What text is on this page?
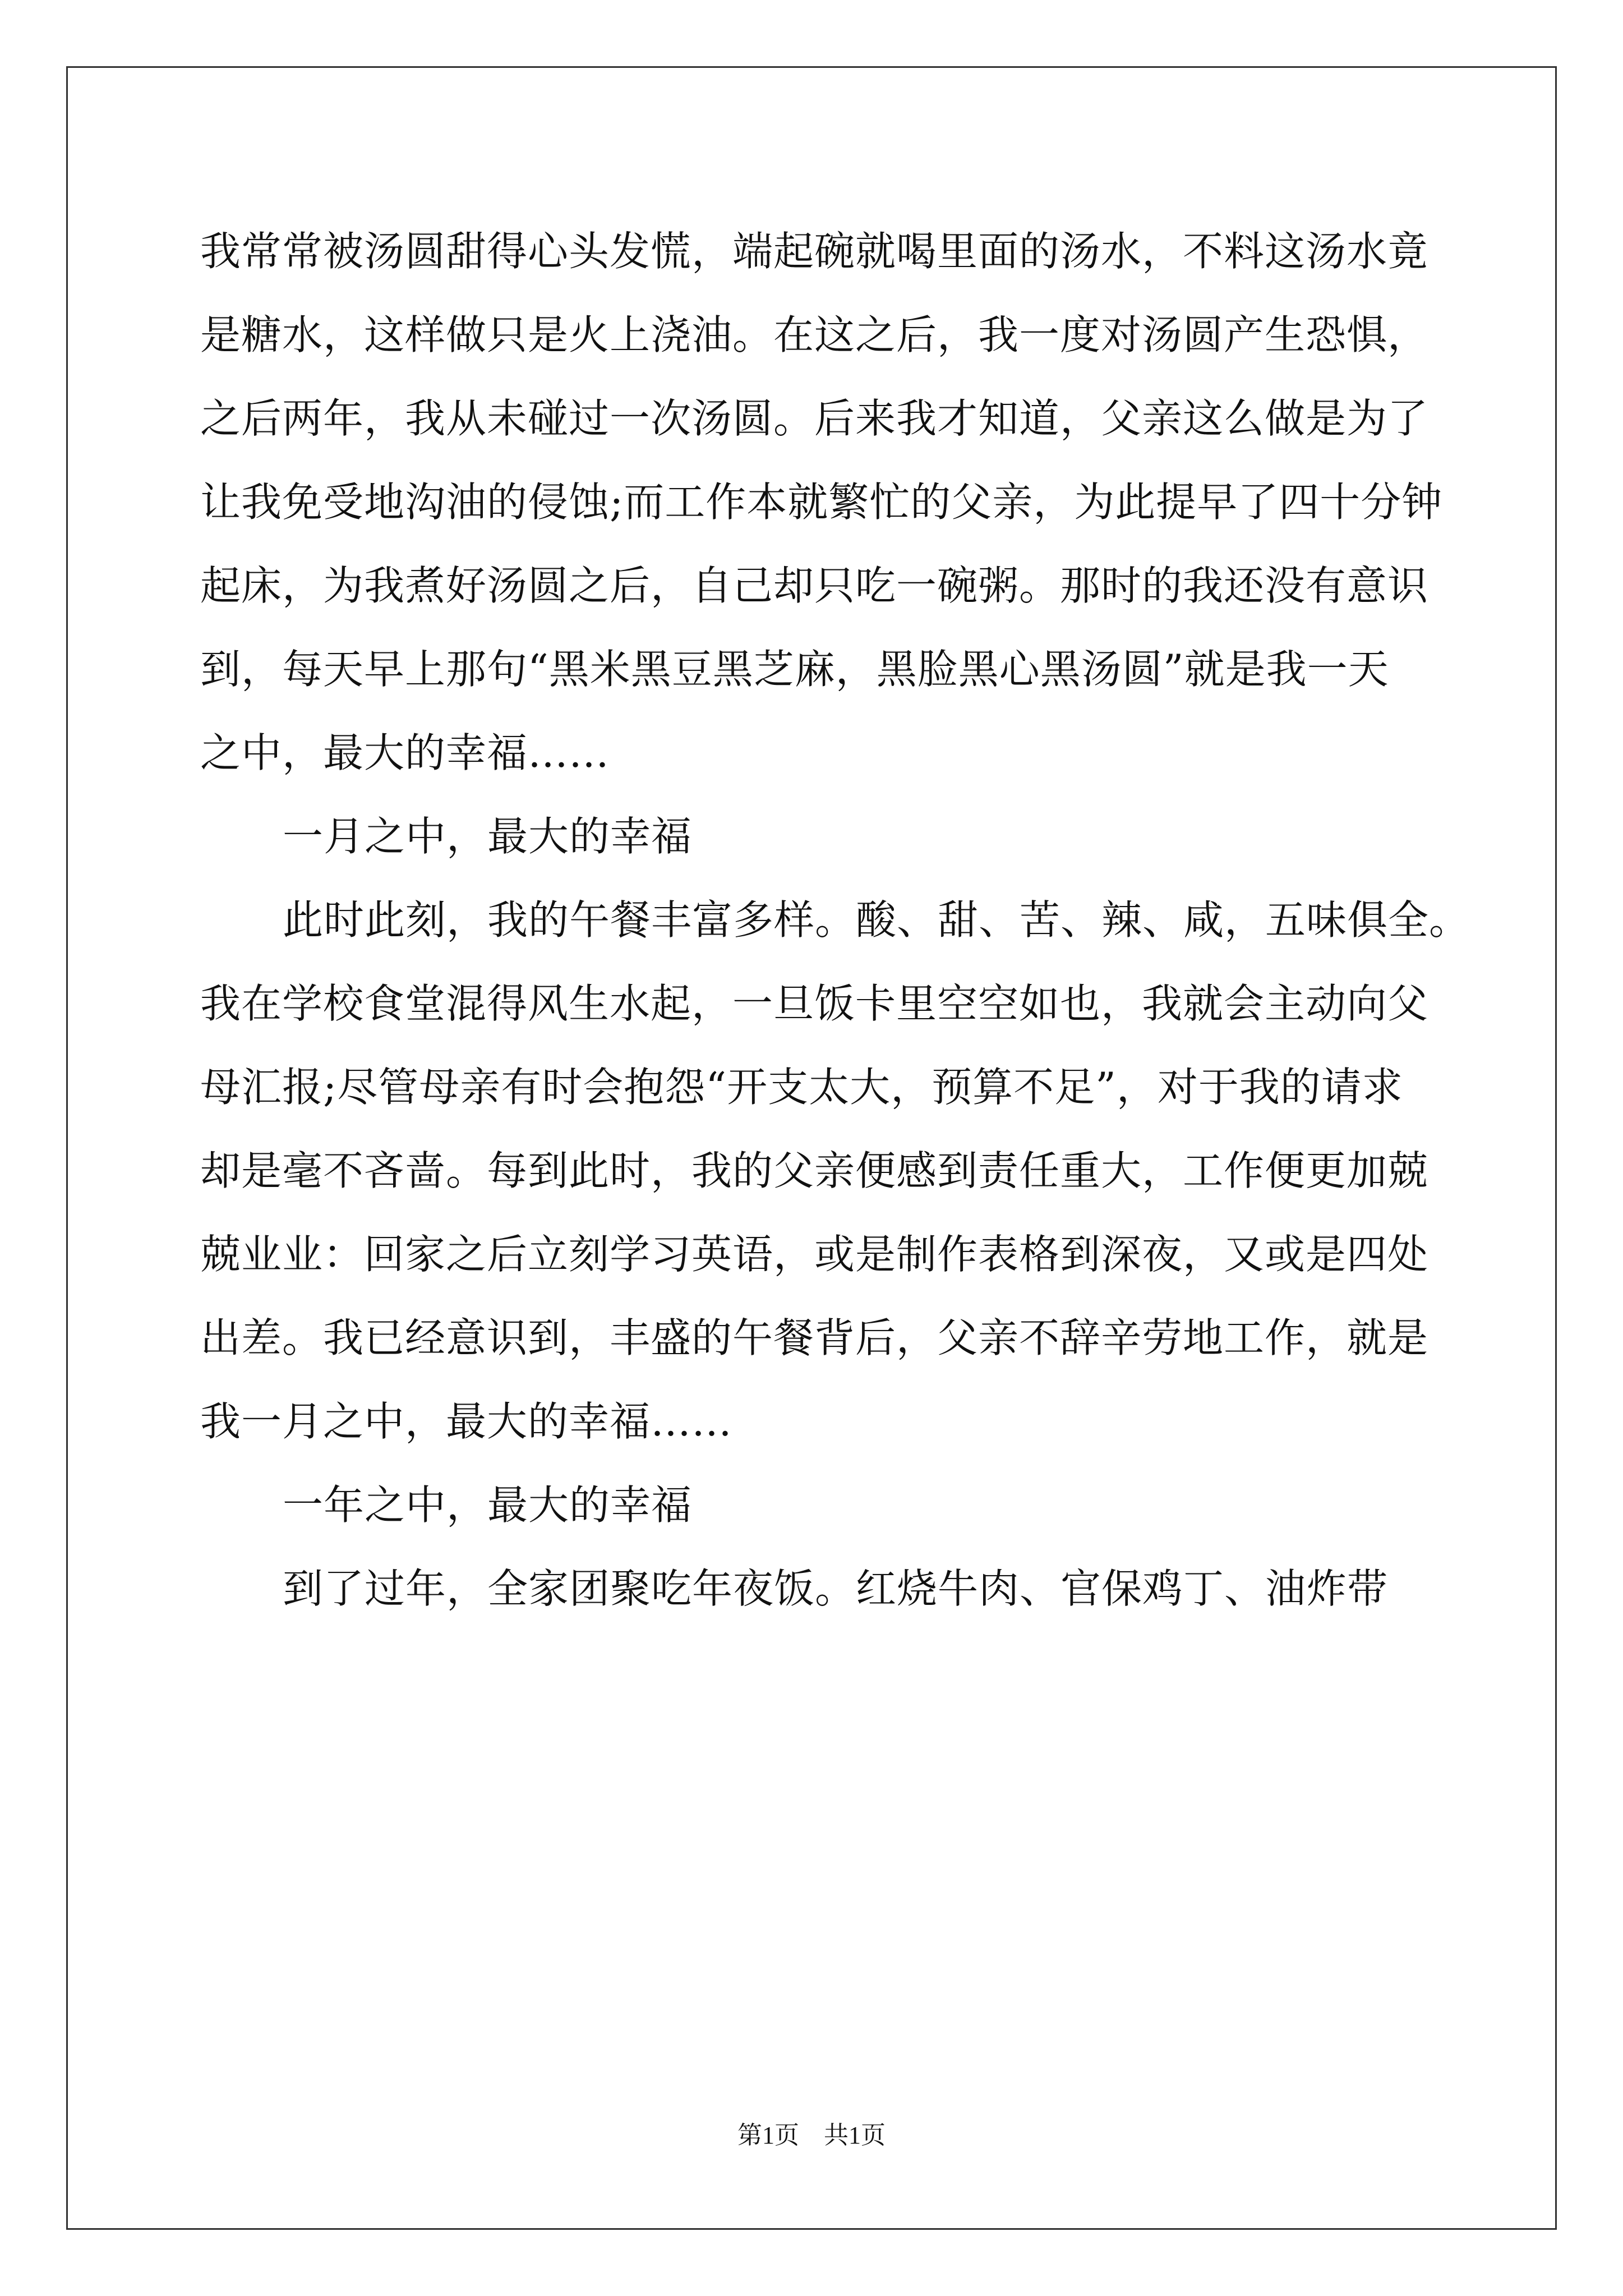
我常常被汤圆甜得心头发慌，端起碗就喝里面的汤水，不料这汤水竟
是糖水，这样做只是火上浇油。在这之后，我一度对汤圆产生恐惧，
之后两年，我从未碰过一次汤圆。后来我才知道，父亲这么做是为了
让我免受地沟油的侵蚀;而工作本就繁忙的父亲，为此提早了四十分钟
起床，为我煮好汤圆之后，自己却只吃一碗粥。那时的我还没有意识
到，每天早上那句“黑米黑豆黑芝麻，黑脸黑心黑汤圆”就是我一天
之中，最大的幸福……
一月之中，最大的幸福
此时此刻，我的午餐丰富多样。酸、甜、苦、辣、咸，五味俱全。
我在学校食堂混得风生水起，一旦饭卡里空空如也，我就会主动向父
母汇报;尽管母亲有时会抱怨“开支太大，预算不足”，对于我的请求
却是毫不吝啬。每到此时，我的父亲便感到责任重大，工作便更加兢
兢业业：回家之后立刻学习英语，或是制作表格到深夜，又或是四处
出差。我已经意识到，丰盛的午餐背后，父亲不辞辛劳地工作，就是
我一月之中，最大的幸福……
一年之中，最大的幸福
到了过年，全家团聚吃年夜饭。红烧牛肉、官保鸡丁、油炸带
第1页　共1页
